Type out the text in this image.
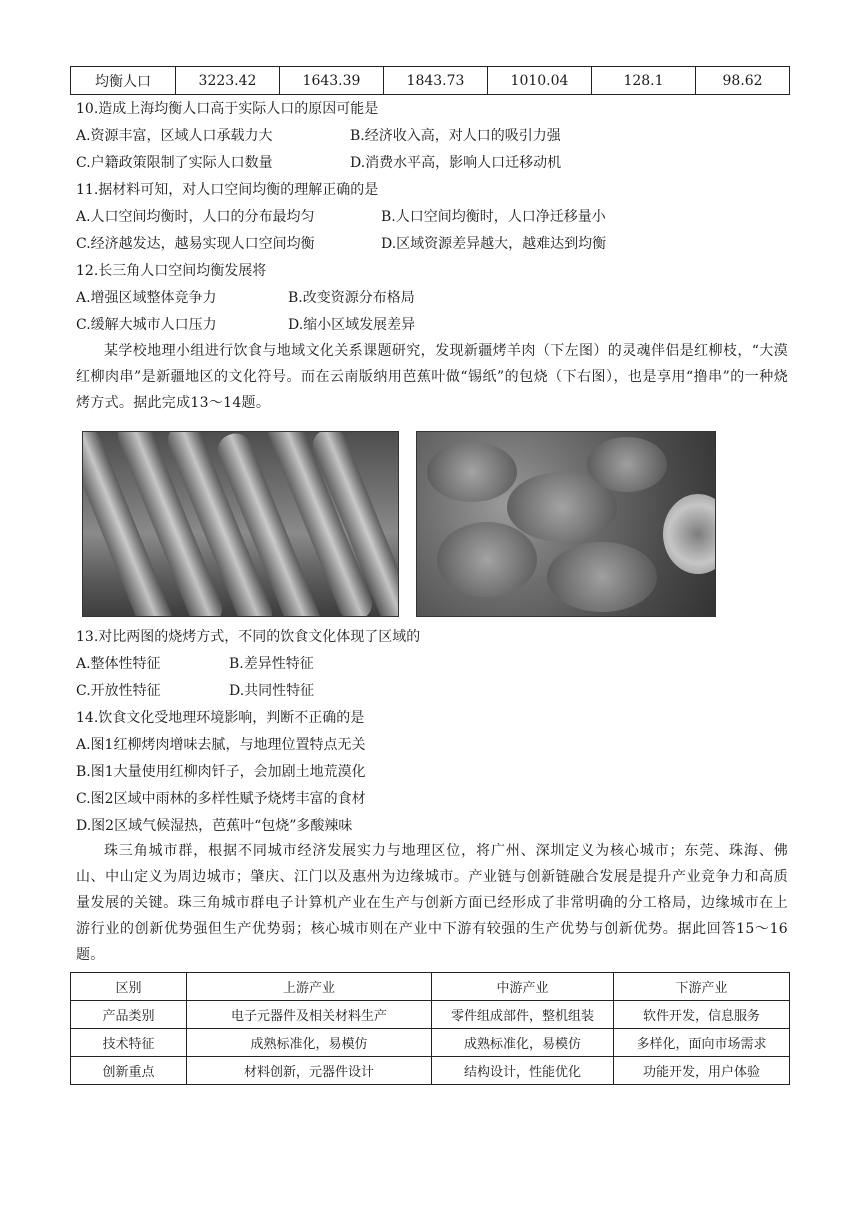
均衡人口	3223.42	1643.39	1843.73	1010.04	128.1	98.62
10.造成上海均衡人口高于实际人口的原因可能是
A.资源丰富，区域人口承载力大	B.经济收入高，对人口的吸引力强
C.户籍政策限制了实际人口数量	D.消费水平高，影响人口迁移动机
11.据材料可知，对人口空间均衡的理解正确的是
A.人口空间均衡时，人口的分布最均匀	B.人口空间均衡时，人口净迁移量小
C.经济越发达，越易实现人口空间均衡	D.区域资源差异越大，越难达到均衡
12.长三角人口空间均衡发展将
A.增强区域整体竞争力	B.改变资源分布格局
C.缓解大城市人口压力	D.缩小区域发展差异
某学校地理小组进行饮食与地域文化关系课题研究，发现新疆烤羊肉（下左图）的灵魂伴侣是红柳枝，“大漠红柳肉串”是新疆地区的文化符号。而在云南版纳用芭蕉叶做“锡纸”的包烧（下右图），也是享用“撸串”的一种烧烤方式。据此完成13～14题。
13.对比两图的烧烤方式，不同的饮食文化体现了区域的
A.整体性特征	B.差异性特征
C.开放性特征	D.共同性特征
14.饮食文化受地理环境影响，判断不正确的是
A.图1红柳烤肉增味去腻，与地理位置特点无关
B.图1大量使用红柳肉钎子，会加剧土地荒漠化
C.图2区域中雨林的多样性赋予烧烤丰富的食材
D.图2区域气候湿热，芭蕉叶“包烧”多酸辣味
珠三角城市群，根据不同城市经济发展实力与地理区位，将广州、深圳定义为核心城市；东莞、珠海、佛山、中山定义为周边城市；肇庆、江门以及惠州为边缘城市。产业链与创新链融合发展是提升产业竞争力和高质量发展的关键。珠三角城市群电子计算机产业在生产与创新方面已经形成了非常明确的分工格局，边缘城市在上游行业的创新优势强但生产优势弱；核心城市则在产业中下游有较强的生产优势与创新优势。据此回答15～16题。
区别	上游产业	中游产业	下游产业
产品类别	电子元器件及相关材料生产	零件组成部件，整机组装	软件开发，信息服务
技术特征	成熟标准化，易模仿	成熟标准化，易模仿	多样化，面向市场需求
创新重点	材料创新，元器件设计	结构设计，性能优化	功能开发，用户体验
